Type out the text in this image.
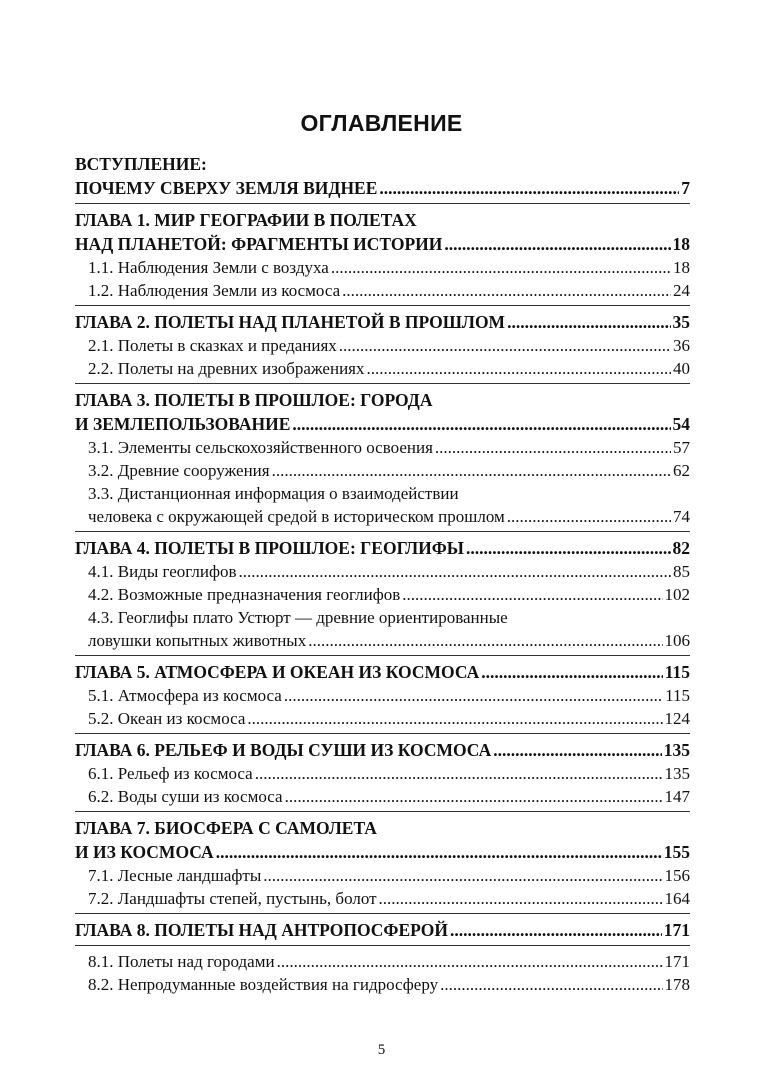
ОГЛАВЛЕНИЕ
ВСТУПЛЕНИЕ:
ПОЧЕМУ СВЕРХУ ЗЕМЛЯ ВИДНЕЕ .....	7
ГЛАВА 1. МИР ГЕОГРАФИИ В ПОЛЕТАХ
НАД ПЛАНЕТОЙ: ФРАГМЕНТЫ ИСТОРИИ .....	18
1.1. Наблюдения Земли с воздуха .....	18
1.2. Наблюдения Земли из космоса .....	24
ГЛАВА 2. ПОЛЕТЫ НАД ПЛАНЕТОЙ В ПРОШЛОМ .....	35
2.1. Полеты в сказках и преданиях .....	36
2.2. Полеты на древних изображениях .....	40
ГЛАВА 3. ПОЛЕТЫ В ПРОШЛОЕ: ГОРОДА
И ЗЕМЛЕПОЛЬЗОВАНИЕ .....	54
3.1. Элементы сельскохозяйственного освоения .....	57
3.2. Древние сооружения .....	62
3.3. Дистанционная информация о взаимодействии
человека с окружающей средой в историческом прошлом .....	74
ГЛАВА 4. ПОЛЕТЫ В ПРОШЛОЕ: ГЕОГЛИФЫ .....	82
4.1. Виды геоглифов .....	85
4.2. Возможные предназначения геоглифов .....	102
4.3. Геоглифы плато Устюрт — древние ориентированные
ловушки копытных животных .....	106
ГЛАВА 5. АТМОСФЕРА И ОКЕАН ИЗ КОСМОСА .....	115
5.1. Атмосфера из космоса .....	115
5.2. Океан из космоса .....	124
ГЛАВА 6. РЕЛЬЕФ И ВОДЫ СУШИ ИЗ КОСМОСА .....	135
6.1. Рельеф из космоса .....	135
6.2. Воды суши из космоса .....	147
ГЛАВА 7. БИОСФЕРА С САМОЛЕТА
И ИЗ КОСМОСА .....	155
7.1. Лесные ландшафты .....	156
7.2. Ландшафты степей, пустынь, болот .....	164
ГЛАВА 8. ПОЛЕТЫ НАД АНТРОПОСФЕРОЙ .....	171
8.1. Полеты над городами .....	171
8.2. Непродуманные воздействия на гидросферу .....	178
5
